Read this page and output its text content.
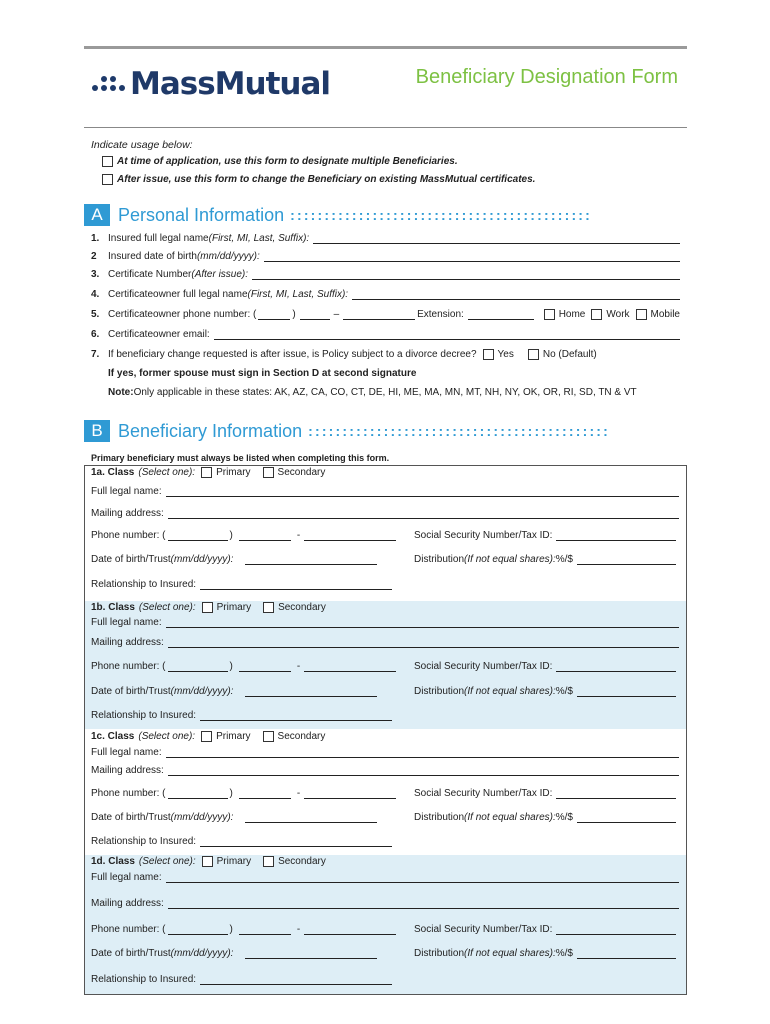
MassMutual	Beneficiary Designation Form
Indicate usage below:
At time of application, use this form to designate multiple Beneficiaries.
After issue, use this form to change the Beneficiary on existing MassMutual certificates.
A Personal Information ::::::::::::::::::::::::::::::::::::::::::::
1. Insured full legal name (First, MI, Last, Suffix):
2	Insured date of birth (mm/dd/yyyy):
3. Certificate Number (After issue):
4. Certificateowner full legal name (First, MI, Last, Suffix):
5. Certificateowner phone number: (	)	–	Extension:	Home Work Mobile
6. Certificateowner email:
7. If beneficiary change requested is after issue, is Policy subject to a divorce decree? Yes	No (Default)
If yes, former spouse must sign in Section D at second signature
Note: Only applicable in these states: AK, AZ, CA, CO, CT, DE, HI, ME, MA, MN, MT, NH, NY, OK, OR, RI, SD, TN & VT
B Beneficiary Information ::::::::::::::::::::::::::::::::::::::::::::
Primary beneficiary must always be listed when completing this form.
1a. Class (Select one): Primary	Secondary
Full legal name:
Mailing address:
Phone number: (	)	-	Social Security Number/Tax ID:
Date of birth/Trust (mm/dd/yyyy):	Distribution (If not equal shares): %/$
Relationship to Insured:
1b. Class (Select one): Primary	Secondary
Full legal name:
Mailing address:
Phone number: (	)	-	Social Security Number/Tax ID:
Date of birth/Trust (mm/dd/yyyy):	Distribution (If not equal shares): %/$
Relationship to Insured:
1c. Class (Select one): Primary	Secondary
Full legal name:
Mailing address:
Phone number: (	)	-	Social Security Number/Tax ID:
Date of birth/Trust (mm/dd/yyyy):	Distribution (If not equal shares): %/$
Relationship to Insured:
1d. Class (Select one): Primary	Secondary
Full legal name:
Mailing address:
Phone number: (	)	-	Social Security Number/Tax ID:
Date of birth/Trust (mm/dd/yyyy):	Distribution (If not equal shares): %/$
Relationship to Insured:
